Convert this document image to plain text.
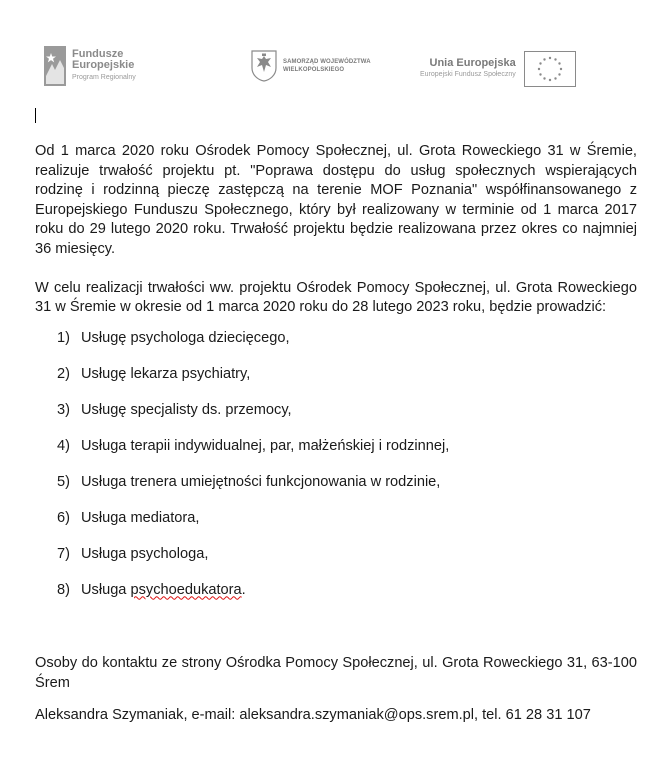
Fundusze
Europejskie
Program Regionalny
SAMORZĄD WOJEWÓDZTWA
WIELKOPOLSKIEGO
Unia Europejska
Europejski Fundusz Społeczny

Od 1 marca 2020 roku Ośrodek Pomocy Społecznej, ul. Grota Roweckiego 31 w Śremie, realizuje trwałość projektu pt. "Poprawa dostępu do usług społecznych wspierających rodzinę i rodzinną pieczę zastępczą na terenie MOF Poznania" współfinansowanego z Europejskiego Funduszu Społecznego, który był realizowany w terminie od 1 marca 2017 roku do 29 lutego 2020 roku. Trwałość projektu będzie realizowana przez okres co najmniej 36 miesięcy.

W celu realizacji trwałości ww. projektu Ośrodek Pomocy Społecznej, ul. Grota Roweckiego 31 w Śremie w okresie od 1 marca 2020 roku do 28 lutego 2023 roku, będzie prowadzić:

1) Usługę psychologa dziecięcego,
2) Usługę lekarza psychiatry,
3) Usługę specjalisty ds. przemocy,
4) Usługa terapii indywidualnej, par, małżeńskiej i rodzinnej,
5) Usługa trenera umiejętności funkcjonowania w rodzinie,
6) Usługa mediatora,
7) Usługa psychologa,
8) Usługa psychoedukatora.
Osoby do kontaktu ze strony Ośrodka Pomocy Społecznej, ul. Grota Roweckiego 31, 63-100 Śrem
Aleksandra Szymaniak, e-mail: aleksandra.szymaniak@ops.srem.pl, tel. 61 28 31 107
